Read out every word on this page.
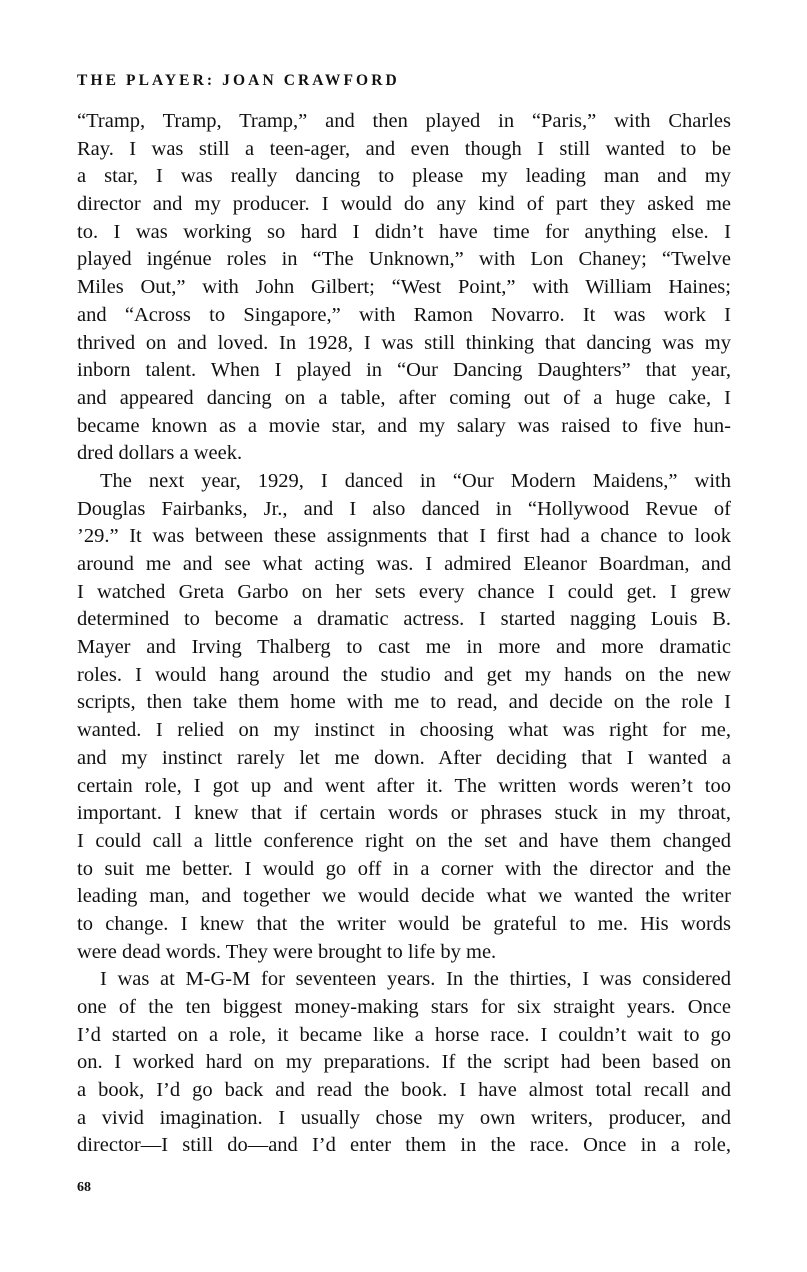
THE PLAYER: JOAN CRAWFORD
“Tramp, Tramp, Tramp,” and then played in “Paris,” with Charles
Ray. I was still a teen-ager, and even though I still wanted to be
a star, I was really dancing to please my leading man and my
director and my producer. I would do any kind of part they asked me
to. I was working so hard I didn’t have time for anything else. I
played ingénue roles in “The Unknown,” with Lon Chaney; “Twelve
Miles Out,” with John Gilbert; “West Point,” with William Haines;
and “Across to Singapore,” with Ramon Novarro. It was work I
thrived on and loved. In 1928, I was still thinking that dancing was my
inborn talent. When I played in “Our Dancing Daughters” that year,
and appeared dancing on a table, after coming out of a huge cake, I
became known as a movie star, and my salary was raised to five hun-
dred dollars a week.
The next year, 1929, I danced in “Our Modern Maidens,” with
Douglas Fairbanks, Jr., and I also danced in “Hollywood Revue of
’29.” It was between these assignments that I first had a chance to look
around me and see what acting was. I admired Eleanor Boardman, and
I watched Greta Garbo on her sets every chance I could get. I grew
determined to become a dramatic actress. I started nagging Louis B.
Mayer and Irving Thalberg to cast me in more and more dramatic
roles. I would hang around the studio and get my hands on the new
scripts, then take them home with me to read, and decide on the role I
wanted. I relied on my instinct in choosing what was right for me,
and my instinct rarely let me down. After deciding that I wanted a
certain role, I got up and went after it. The written words weren’t too
important. I knew that if certain words or phrases stuck in my throat,
I could call a little conference right on the set and have them changed
to suit me better. I would go off in a corner with the director and the
leading man, and together we would decide what we wanted the writer
to change. I knew that the writer would be grateful to me. His words
were dead words. They were brought to life by me.
I was at M-G-M for seventeen years. In the thirties, I was considered
one of the ten biggest money-making stars for six straight years. Once
I’d started on a role, it became like a horse race. I couldn’t wait to go
on. I worked hard on my preparations. If the script had been based on
a book, I’d go back and read the book. I have almost total recall and
a vivid imagination. I usually chose my own writers, producer, and
director—I still do—and I’d enter them in the race. Once in a role,
68
